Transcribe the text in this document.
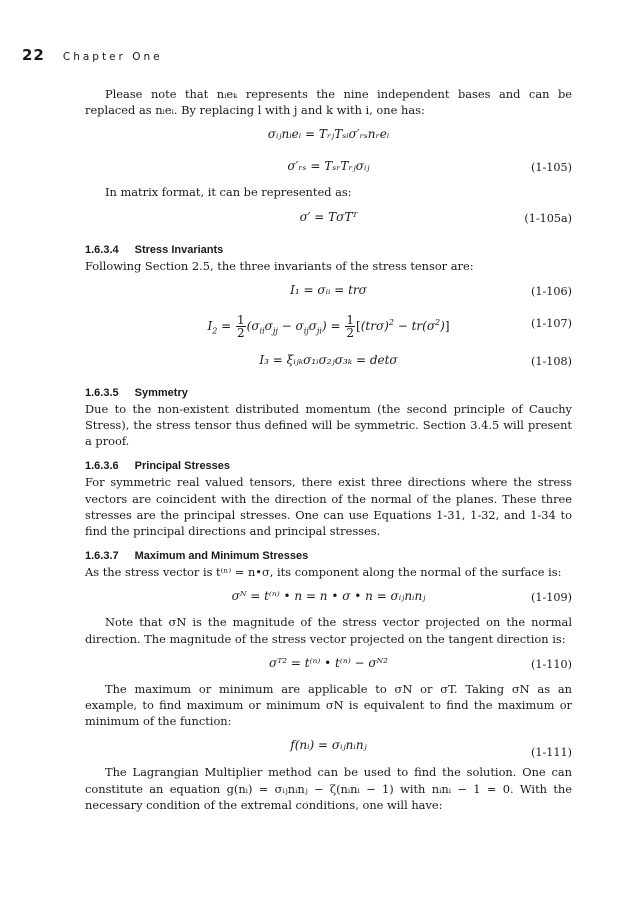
22 Chapter One

Please note that nᵢeₖ represents the nine independent bases and can be replaced as nᵢeᵢ. By replacing l with j and k with i, one has:

σᵢⱼnᵢeᵢ = TᵣⱼTₛᵢσ′ᵣₛnᵣeᵢ
σ′ᵣₛ = TₛᵣTᵣⱼσᵢⱼ	(1-105)

In matrix format, it can be represented as:

σ′ = TσTᵀ	(1-105a)
1.6.3.4 Stress Invariants

Following Section 2.5, the three invariants of the stress tensor are:

I₁ = σᵢᵢ = trσ	(1-106)
$I_2 = \frac{1}{2} (\sigma_{ii}\sigma_{jj} - \sigma_{ij}\sigma_{ji}) = \frac{1}{2} [(tr\sigma)^2 - tr(\sigma^2)]$	(1-107)
I₃ = ξᵢⱼₖσ₁ᵢσ₂ⱼσ₃ₖ = detσ	(1-108)
1.6.3.5 Symmetry

Due to the non-existent distributed momentum (the second principle of Cauchy Stress), the stress tensor thus defined will be symmetric. Section 3.4.5 will present a proof.

1.6.3.6 Principal Stresses

For symmetric real valued tensors, there exist three directions where the stress vectors are coincident with the direction of the normal of the planes. These three stresses are the principal stresses. One can use Equations 1-31, 1-32, and 1-34 to find the principal directions and principal stresses.

1.6.3.7 Maximum and Minimum Stresses

As the stress vector is t⁽ⁿ⁾ = n•σ, its component along the normal of the surface is:

σᴺ = t⁽ⁿ⁾ • n = n • σ • n = σᵢⱼnᵢnⱼ	(1-109)

Note that σN is the magnitude of the stress vector projected on the normal direction. The magnitude of the stress vector projected on the tangent direction is:

σᵀ² = t⁽ⁿ⁾ • t⁽ⁿ⁾ − σᴺ²	(1-110)

The maximum or minimum are applicable to σN or σT. Taking σN as an example, to find maximum or minimum σN is equivalent to find the maximum or minimum of the function:

f(nᵢ) = σᵢⱼnᵢnⱼ
(1-111)

The Lagrangian Multiplier method can be used to find the solution. One can constitute an equation g(nᵢ) = σᵢⱼnᵢnⱼ − ζ(nᵢnᵢ − 1) with nᵢnᵢ − 1 = 0. With the necessary condition of the extremal conditions, one will have:
